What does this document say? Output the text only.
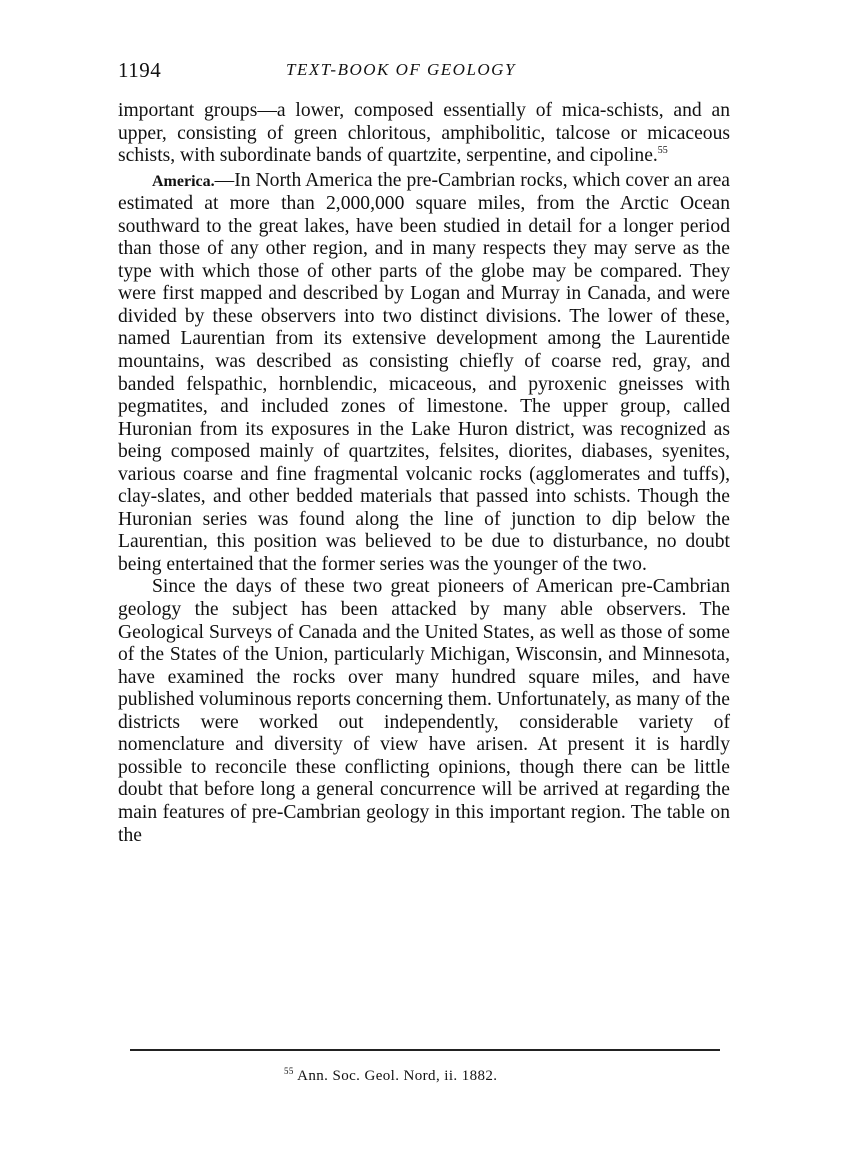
1194	TEXT-BOOK OF GEOLOGY

important groups—a lower, composed essentially of mica-schists, and an upper, consisting of green chloritous, amphibolitic, talcose or micaceous schists, with subordinate bands of quartzite, serpentine, and cipoline.$^{55}$

America.—In North America the pre-Cambrian rocks, which cover an area estimated at more than 2,000,000 square miles, from the Arctic Ocean southward to the great lakes, have been studied in detail for a longer period than those of any other region, and in many respects they may serve as the type with which those of other parts of the globe may be compared. They were first mapped and described by Logan and Murray in Canada, and were divided by these observers into two distinct divisions. The lower of these, named Laurentian from its extensive development among the Laurentide mountains, was described as consisting chiefly of coarse red, gray, and banded felspathic, hornblendic, micaceous, and pyroxenic gneisses with pegmatites, and included zones of limestone. The upper group, called Huronian from its exposures in the Lake Huron district, was recognized as being composed mainly of quartzites, felsites, diorites, diabases, syenites, various coarse and fine fragmental volcanic rocks (agglomerates and tuffs), clay-slates, and other bedded materials that passed into schists. Though the Huronian series was found along the line of junction to dip below the Laurentian, this position was believed to be due to disturbance, no doubt being entertained that the former series was the younger of the two.

Since the days of these two great pioneers of American pre-Cambrian geology the subject has been attacked by many able observers. The Geological Surveys of Canada and the United States, as well as those of some of the States of the Union, particularly Michigan, Wisconsin, and Minnesota, have examined the rocks over many hundred square miles, and have published voluminous reports concerning them. Unfortunately, as many of the districts were worked out independently, considerable variety of nomenclature and diversity of view have arisen. At present it is hardly possible to reconcile these conflicting opinions, though there can be little doubt that before long a general concurrence will be arrived at regarding the main features of pre-Cambrian geology in this important region. The table on the

$^{55}$ Ann. Soc. Geol. Nord, ii. 1882.
